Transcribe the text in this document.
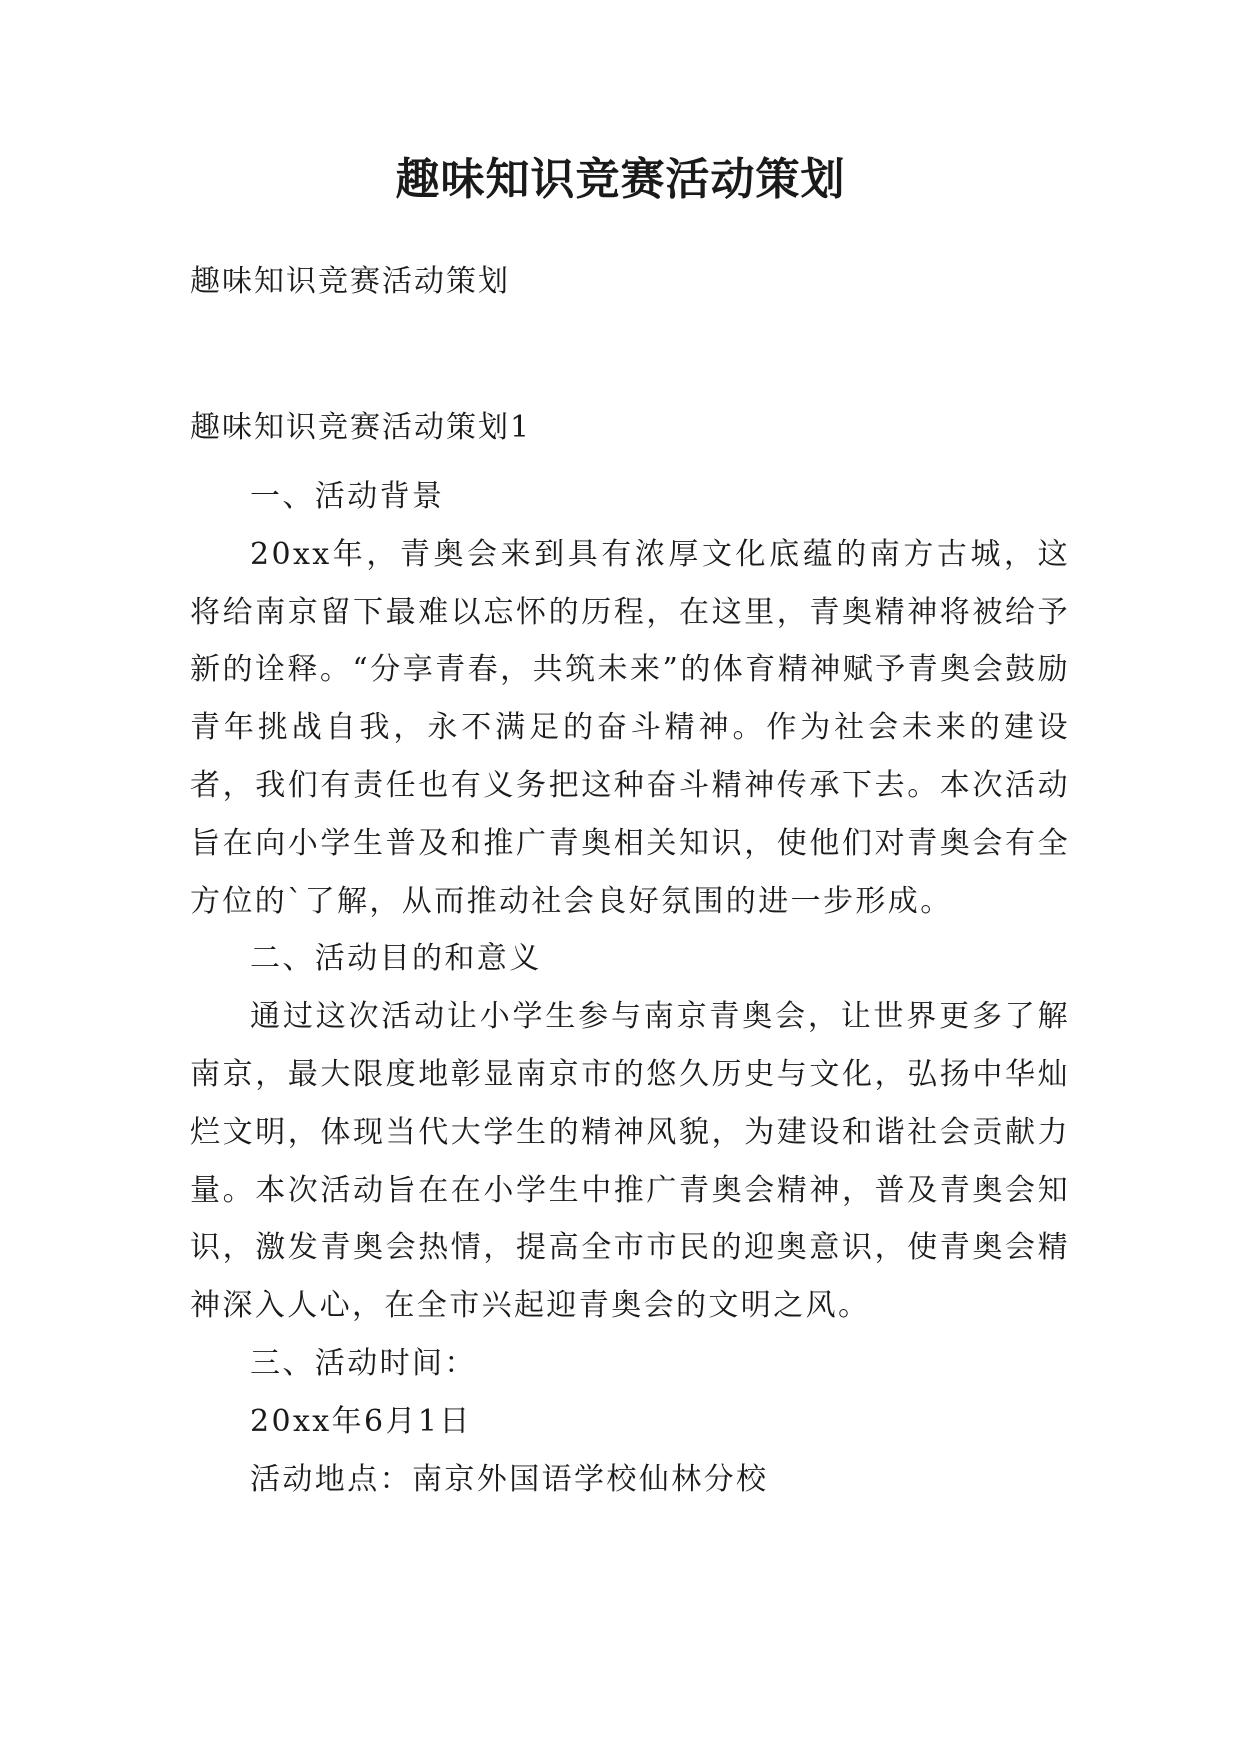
趣味知识竞赛活动策划
趣味知识竞赛活动策划
趣味知识竞赛活动策划1

一、活动背景

20xx年，青奥会来到具有浓厚文化底蕴的南方古城，这将给南京留下最难以忘怀的历程，在这里，青奥精神将被给予新的诠释。“分享青春，共筑未来”的体育精神赋予青奥会鼓励青年挑战自我，永不满足的奋斗精神。作为社会未来的建设者，我们有责任也有义务把这种奋斗精神传承下去。本次活动旨在向小学生普及和推广青奥相关知识，使他们对青奥会有全方位的`了解，从而推动社会良好氛围的进一步形成。

二、活动目的和意义

通过这次活动让小学生参与南京青奥会，让世界更多了解南京，最大限度地彰显南京市的悠久历史与文化，弘扬中华灿烂文明，体现当代大学生的精神风貌，为建设和谐社会贡献力量。本次活动旨在在小学生中推广青奥会精神，普及青奥会知识，激发青奥会热情，提高全市市民的迎奥意识，使青奥会精神深入人心，在全市兴起迎青奥会的文明之风。

三、活动时间：

20xx年6月1日

活动地点：南京外国语学校仙林分校
